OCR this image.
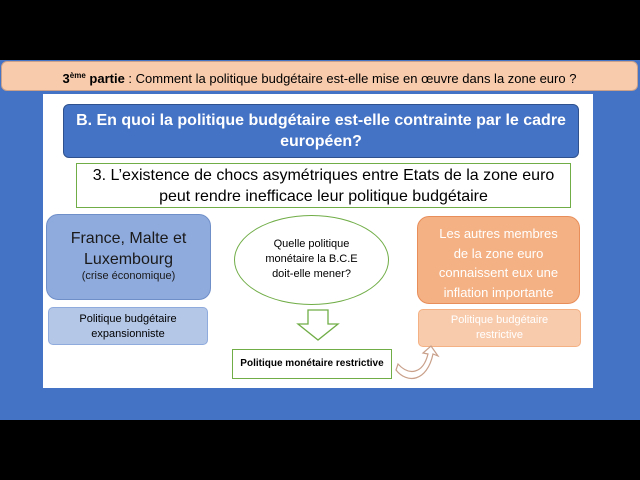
3ème partie : Comment la politique budgétaire est-elle mise en œuvre dans la zone euro ?
B. En quoi la politique budgétaire est-elle contrainte par le cadre
européen?
3. L’existence de chocs asymétriques entre Etats de la zone euro
peut rendre inefficace leur politique budgétaire
France, Malte et
Luxembourg
(crise économique)
Politique budgétaire
expansionniste
Quelle politique
monétaire la B.C.E
doit-elle mener?
Les autres membres
de la zone euro
connaissent eux une
inflation importante
Politique budgétaire
restrictive
Politique monétaire restrictive
